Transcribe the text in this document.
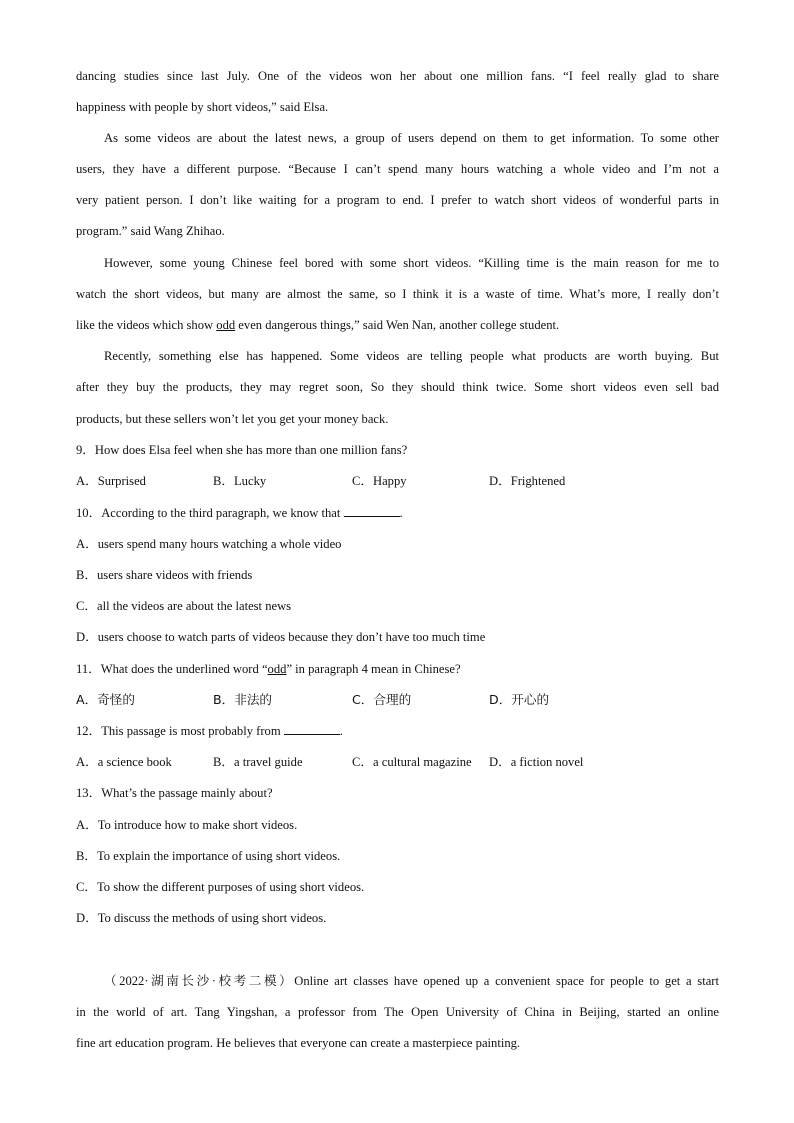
dancing studies since last July. One of the videos won her about one million fans. “I feel really glad to share
happiness with people by short videos,” said Elsa.
As some videos are about the latest news, a group of users depend on them to get information. To some other
users, they have a different purpose. “Because I can’t spend many hours watching a whole video and I’m not a
very patient person. I don’t like waiting for a program to end. I prefer to watch short videos of wonderful parts in
program.” said Wang Zhihao.
However, some young Chinese feel bored with some short videos. “Killing time is the main reason for me to
watch the short videos, but many are almost the same, so I think it is a waste of time. What’s more, I really don’t
like the videos which show odd even dangerous things,” said Wen Nan, another college student.
Recently, something else has happened. Some videos are telling people what products are worth buying. But
after they buy the products, they may regret soon, So they should think twice. Some short videos even sell bad
products, but these sellers won’t let you get your money back.
9．How does Elsa feel when she has more than one million fans?
A．Surprised	B．Lucky	C．Happy	D．Frightened
10．According to the third paragraph, we know that	.
A．users spend many hours watching a whole video
B．users share videos with friends
C．all the videos are about the latest news
D．users choose to watch parts of videos because they don’t have too much time
11．What does the underlined word “odd” in paragraph 4 mean in Chinese?
A．奇怪的	B．非法的	C．合理的	D．开心的
12．This passage is most probably from	.
A．a science book	B．a travel guide	C．a cultural magazine D．a fiction novel
13．What’s the passage mainly about?
A．To introduce how to make short videos.
B．To explain the importance of using short videos.
C．To show the different purposes of using short videos.
D．To discuss the methods of using short videos.
（2022·湖南长沙·校考二模）Online art classes have opened up a convenient space for people to get a start
in the world of art. Tang Yingshan, a professor from The Open University of China in Beijing, started an online
fine art education program. He believes that everyone can create a masterpiece painting.
